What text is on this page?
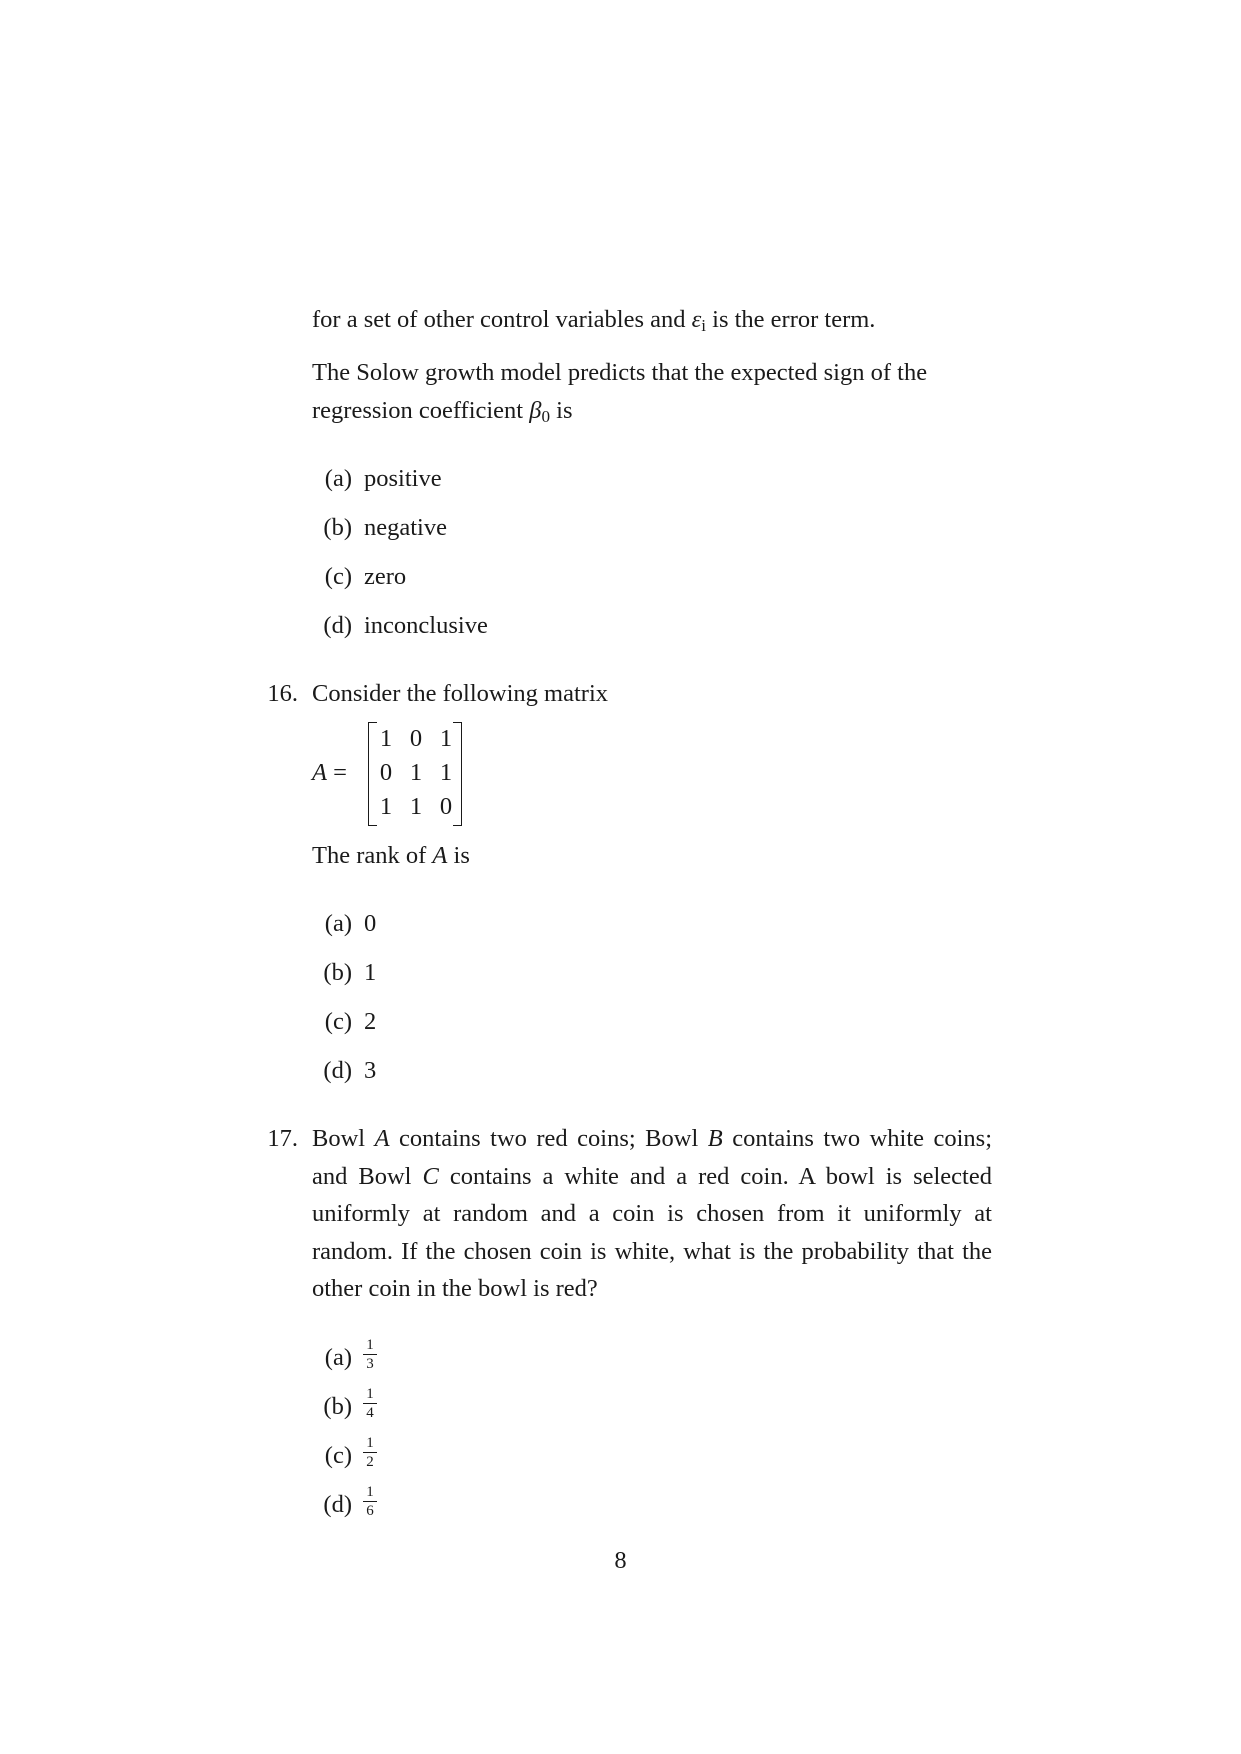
for a set of other control variables and $\varepsilon_i$ is the error term.
The Solow growth model predicts that the expected sign of the
regression coefficient $\beta_0$ is
(a) positive
(b) negative
(c) zero
(d) inconclusive
16. Consider the following matrix
A =
1 0 1
0 1 1
1 1 0
The rank of A is
(a) 0
(b) 1
(c) 2
(d) 3
17. Bowl A contains two red coins; Bowl B contains two white coins; and Bowl C contains a white and a red coin. A bowl is selected uniformly at random and a coin is chosen from it uniformly at random. If the chosen coin is white, what is the probability that the other coin in the bowl is red?
(a) 1
3
(b) 1
4
(c) 1
2
(d) 1
6
8
